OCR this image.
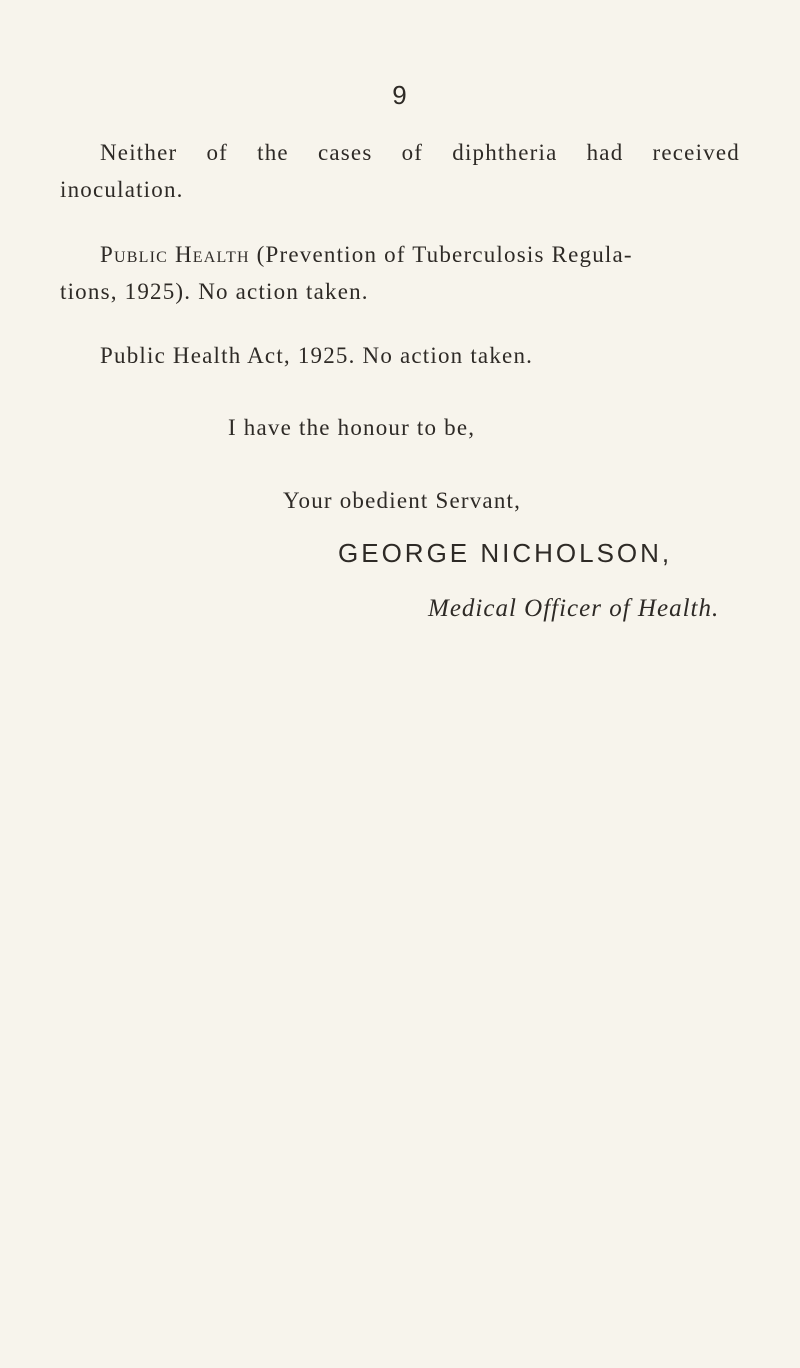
9
Neither of the cases of diphtheria had received
inoculation.
Public Health (Prevention of Tuberculosis Regula-
tions, 1925). No action taken.
Public Health Act, 1925. No action taken.
I have the honour to be,
Your obedient Servant,
GEORGE NICHOLSON,
Medical Officer of Health.
